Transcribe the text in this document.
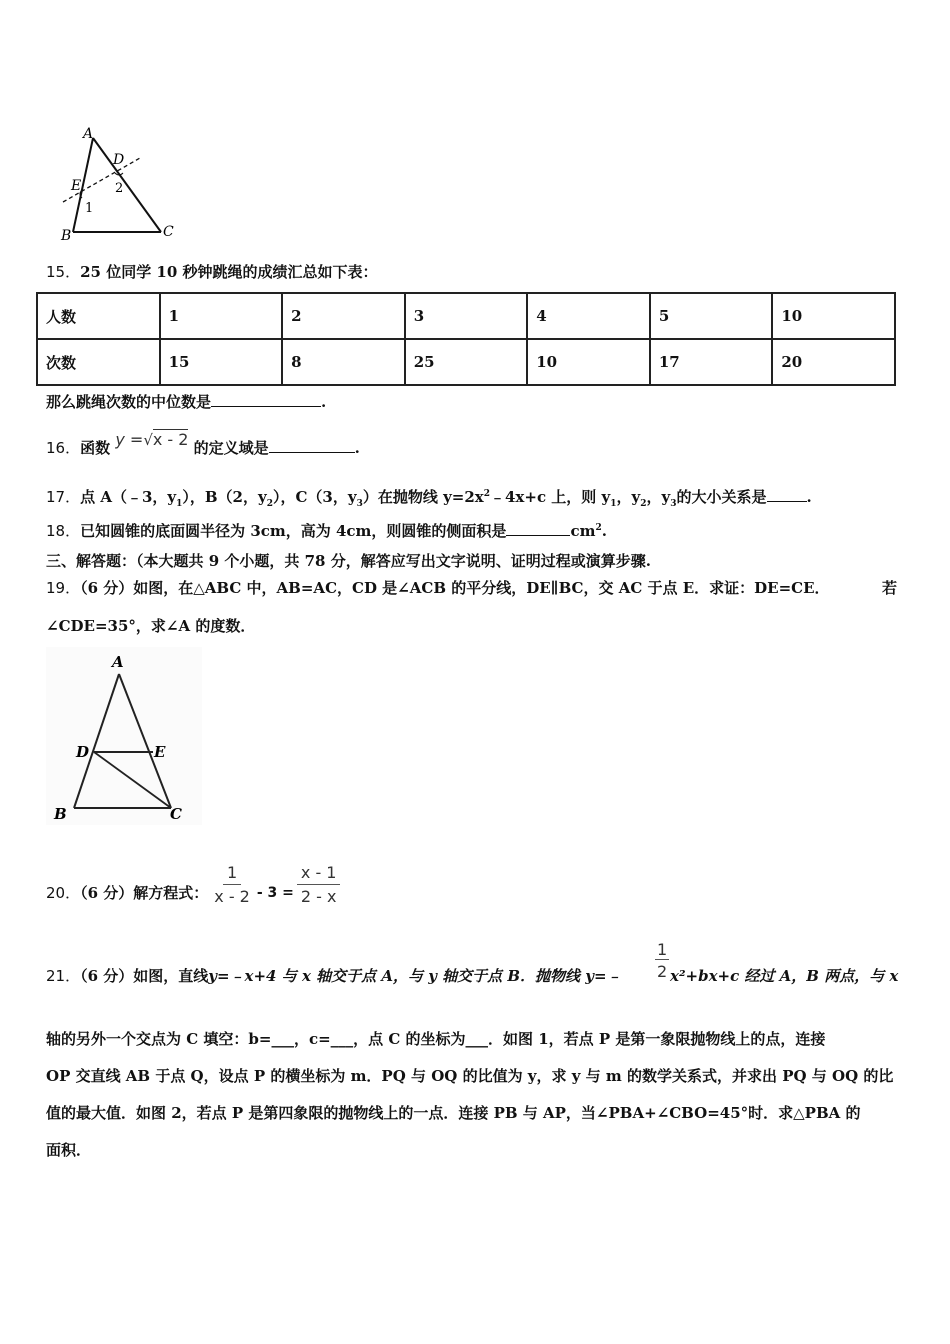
A
D
E	2
1
B	C
15．25 位同学 10 秒钟跳绳的成绩汇总如下表：
人数	1	2	3	4	5	10
次数	15	8	25	10	17	20
那么跳绳次数的中位数是	.
16．函数 y =√x - 2 的定义域是	.
17．点 A（﹣3，$y_1$），B（2，$y_2$），C（3，$y_3$）在抛物线 $y=2x^2﹣4x+c$ 上，则 $y_1$，$y_2$，$y_3$的大小关系是	.
18．已知圆锥的底面圆半径为 3cm，高为 4cm，则圆锥的侧面积是	$cm^2$.
三、解答题：（本大题共 9 个小题，共 78 分，解答应写出文字说明、证明过程或演算步骤.
19．（6 分）如图，在△ABC 中，AB=AC，CD 是∠ACB 的平分线，DE∥BC，交 AC 于点 E．求证：DE=CE．	若
∠CDE=35°，求∠A 的度数．
A
D	E
B	C
20．（6 分）解方程式： $\frac{1}{x - 2} - 3 = \frac{x - 1}{2 - x}$
21．（6 分）如图，直线y=﹣x+4 与 x 轴交于点 A，与 y 轴交于点 B．抛物线 y=﹣
1
2 x²+bx+c 经过 A，B 两点，与 x
轴的另外一个交点为 C 填空：b=___，c=___，点 C 的坐标为___．如图 1，若点 P 是第一象限抛物线上的点，连接
OP 交直线 AB 于点 Q，设点 P 的横坐标为 m．PQ 与 OQ 的比值为 y，求 y 与 m 的数学关系式，并求出 PQ 与 OQ 的比
值的最大值．如图 2，若点 P 是第四象限的抛物线上的一点．连接 PB 与 AP，当∠PBA+∠CBO=45°时．求△PBA 的
面积．
